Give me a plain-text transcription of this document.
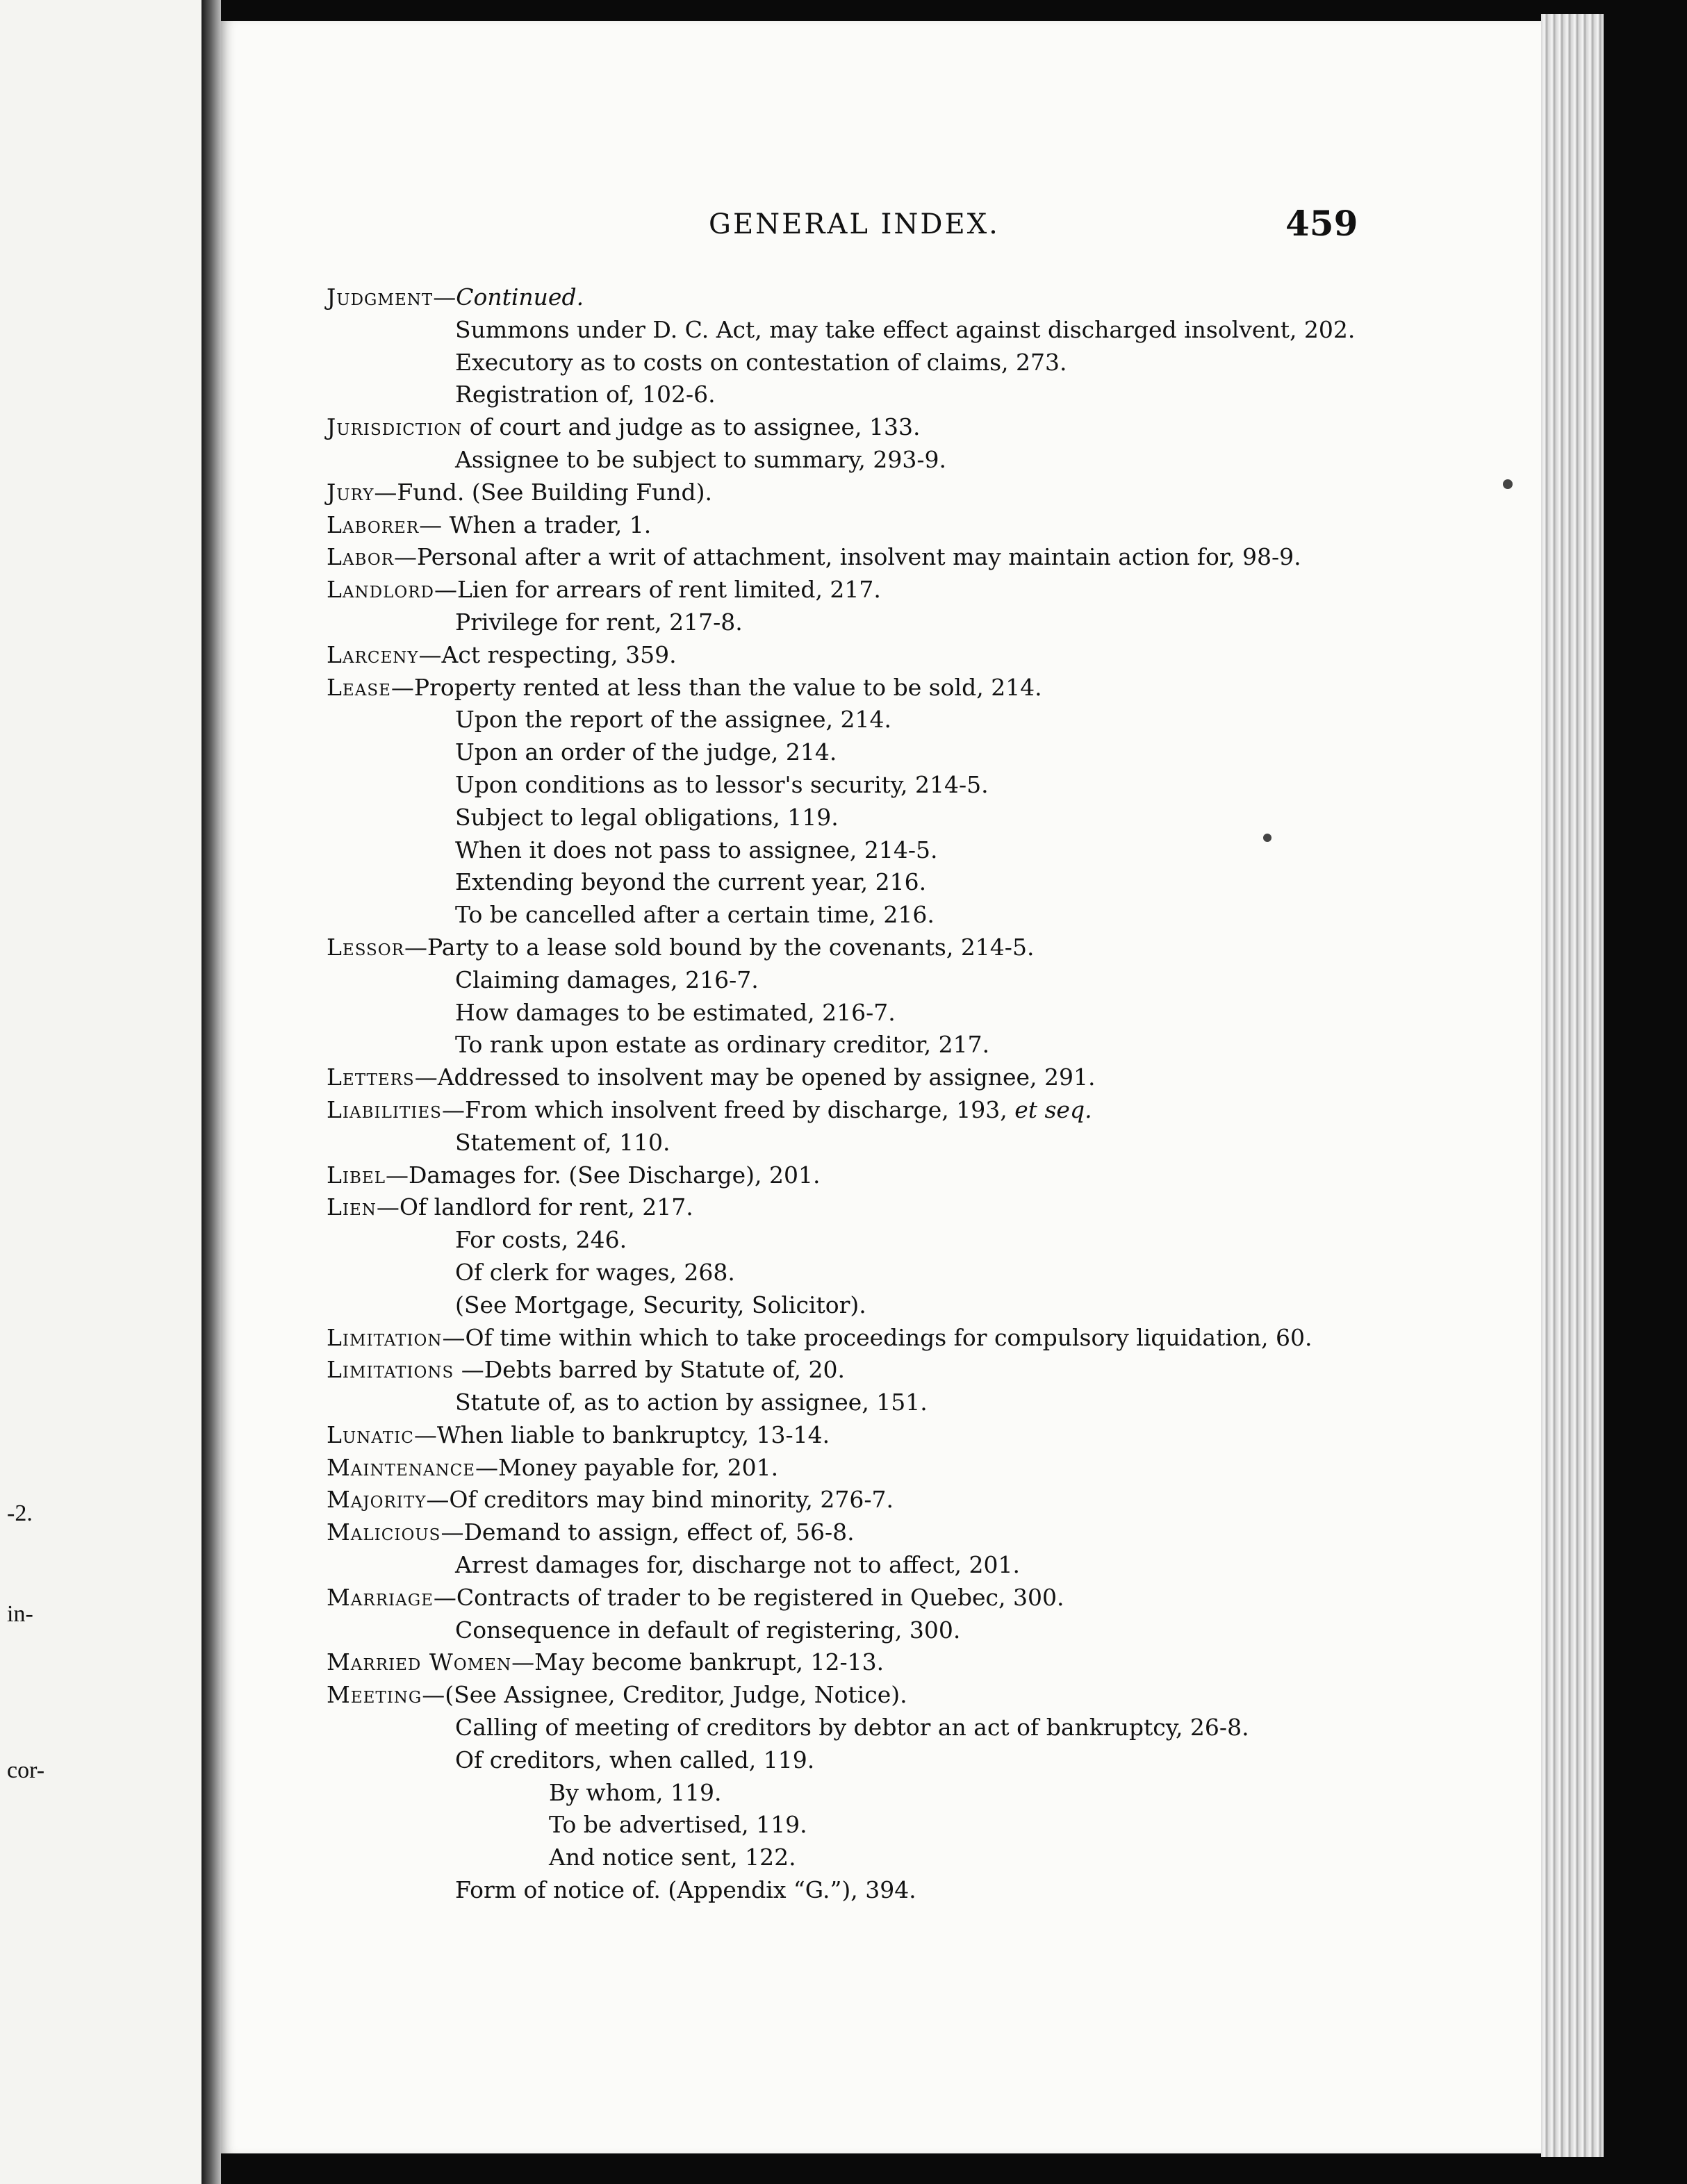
-2.
in-
cor-
GENERAL INDEX.	459
Judgment—Continued.
Summons under D. C. Act, may take effect against discharged insolvent, 202.
Executory as to costs on contestation of claims, 273.
Registration of, 102-6.
Jurisdiction of court and judge as to assignee, 133.
Assignee to be subject to summary, 293-9.
Jury—Fund. (See Building Fund).
Laborer— When a trader, 1.
Labor—Personal after a writ of attachment, insolvent may maintain action for, 98-9.
Landlord—Lien for arrears of rent limited, 217.
Privilege for rent, 217-8.
Larceny—Act respecting, 359.
Lease—Property rented at less than the value to be sold, 214.
Upon the report of the assignee, 214.
Upon an order of the judge, 214.
Upon conditions as to lessor's security, 214-5.
Subject to legal obligations, 119.
When it does not pass to assignee, 214-5.
Extending beyond the current year, 216.
To be cancelled after a certain time, 216.
Lessor—Party to a lease sold bound by the covenants, 214-5.
Claiming damages, 216-7.
How damages to be estimated, 216-7.
To rank upon estate as ordinary creditor, 217.
Letters—Addressed to insolvent may be opened by assignee, 291.
Liabilities—From which insolvent freed by discharge, 193, et seq.
Statement of, 110.
Libel—Damages for. (See Discharge), 201.
Lien—Of landlord for rent, 217.
For costs, 246.
Of clerk for wages, 268.
(See Mortgage, Security, Solicitor).
Limitation—Of time within which to take proceedings for compulsory liquidation, 60.
Limitations —Debts barred by Statute of, 20.
Statute of, as to action by assignee, 151.
Lunatic—When liable to bankruptcy, 13-14.
Maintenance—Money payable for, 201.
Majority—Of creditors may bind minority, 276-7.
Malicious—Demand to assign, effect of, 56-8.
Arrest damages for, discharge not to affect, 201.
Marriage—Contracts of trader to be registered in Quebec, 300.
Consequence in default of registering, 300.
Married Women—May become bankrupt, 12-13.
Meeting—(See Assignee, Creditor, Judge, Notice).
Calling of meeting of creditors by debtor an act of bankruptcy, 26-8.
Of creditors, when called, 119.
By whom, 119.
To be advertised, 119.
And notice sent, 122.
Form of notice of. (Appendix “G.”), 394.
